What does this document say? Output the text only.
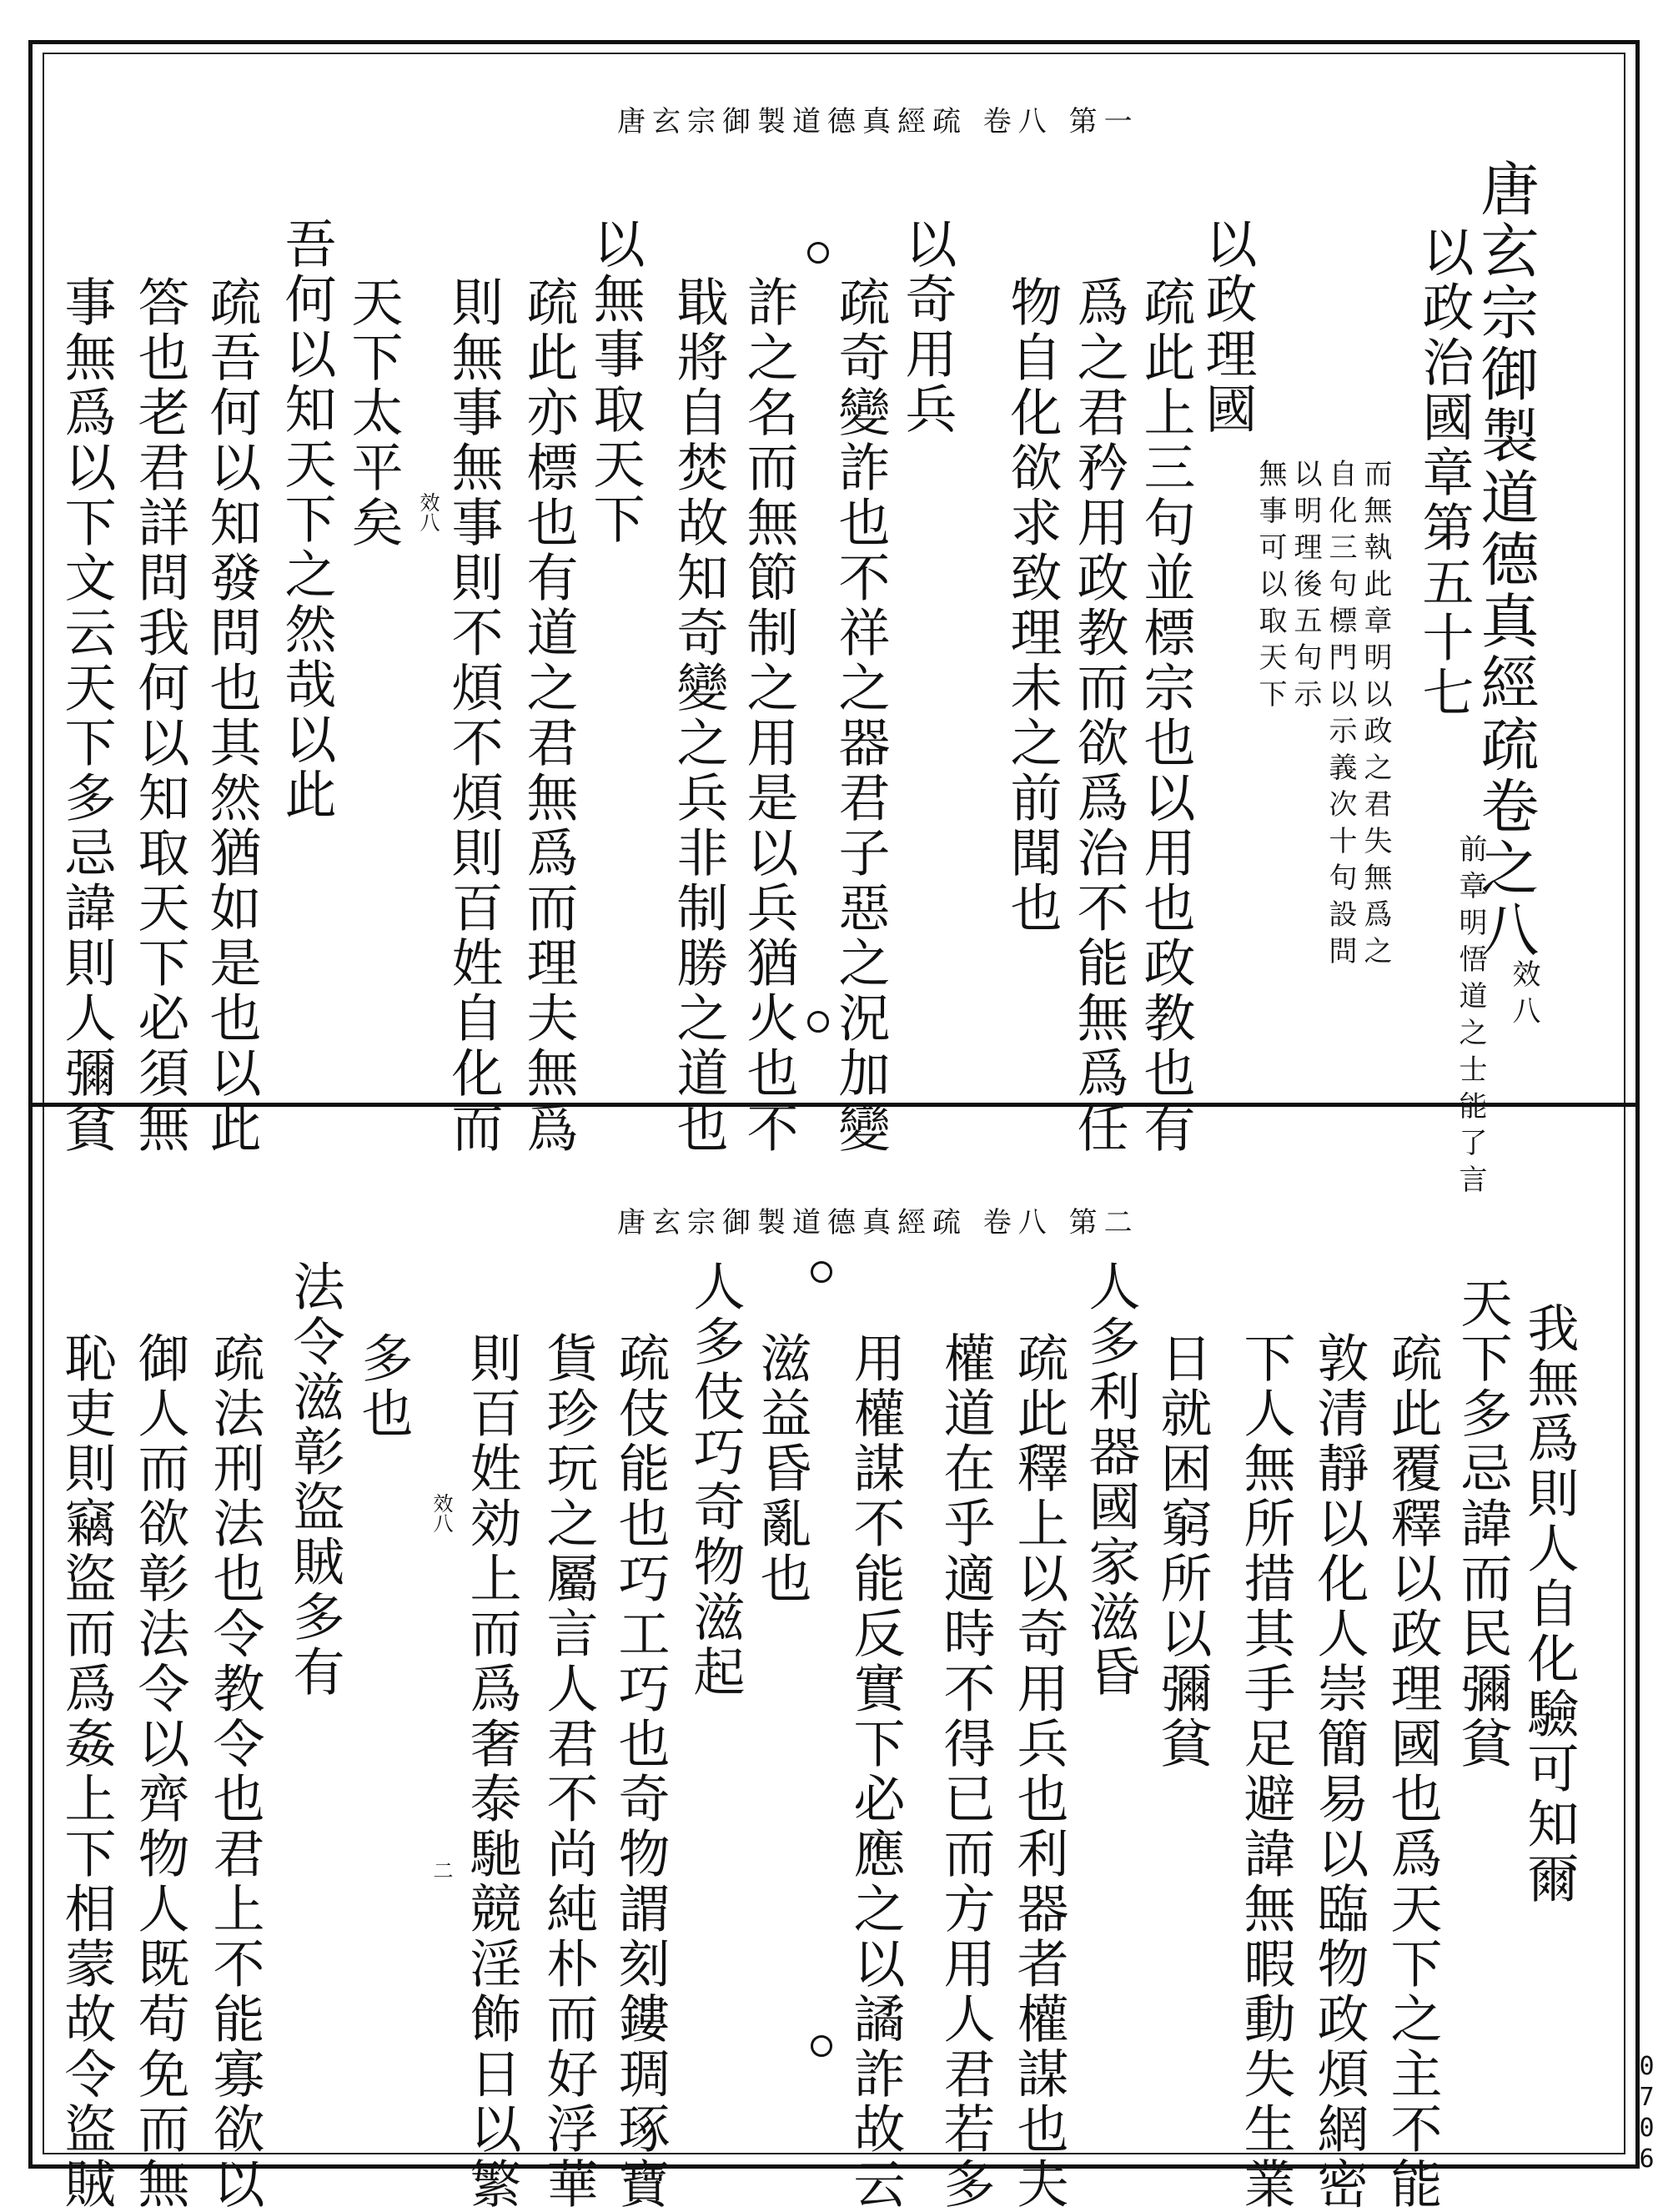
唐玄宗御製道德真經疏 卷八 第一
唐玄宗御製道德真經疏卷之八
效八
以政治國章第五十七
前章明悟道之士能了言
而無執此章明以政之君失無爲之
自化三句標門以示義次十句設問
以明理後五句示
無事可以取天下
以政理國
疏此上三句並標宗也以用也政教也有
爲之君矜用政教而欲爲治不能無爲任
物自化欲求致理未之前聞也
以奇用兵
疏奇變詐也不祥之器君子惡之況加變
詐之名而無節制之用是以兵猶火也不
戢將自焚故知奇變之兵非制勝之道也
以無事取天下
疏此亦標也有道之君無爲而理夫無爲
則無事無事則不煩不煩則百姓自化而
天下太平矣
吾何以知天下之然哉以此
疏吾何以知發問也其然猶如是也以此
答也老君詳問我何以知取天下必須無
事無爲以下文云天下多忌諱則人彌貧	效八
唐玄宗御製道德真經疏 卷八 第二
我無爲則人自化驗可知爾
天下多忌諱而民彌貧
疏此覆釋以政理國也爲天下之主不能
敦清靜以化人崇簡易以臨物政煩網密
下人無所措其手足避諱無暇動失生業
日就困窮所以彌貧
人多利器國家滋昏
疏此釋上以奇用兵也利器者權謀也夫
權道在乎適時不得已而方用人君若多
用權謀不能反實下必應之以譎詐故云
滋益昏亂也
人多伎巧奇物滋起
疏伎能也巧工巧也奇物謂刻鏤琱琢寶
貨珍玩之屬言人君不尚純朴而好浮華
則百姓効上而爲奢泰馳競淫飾日以繁
多也
法令滋彰盜賊多有
疏法刑法也令教令也君上不能寡欲以
御人而欲彰法令以齊物人既苟免而無
恥吏則竊盜而爲姦上下相蒙故令盜賊	效八
二
0706
